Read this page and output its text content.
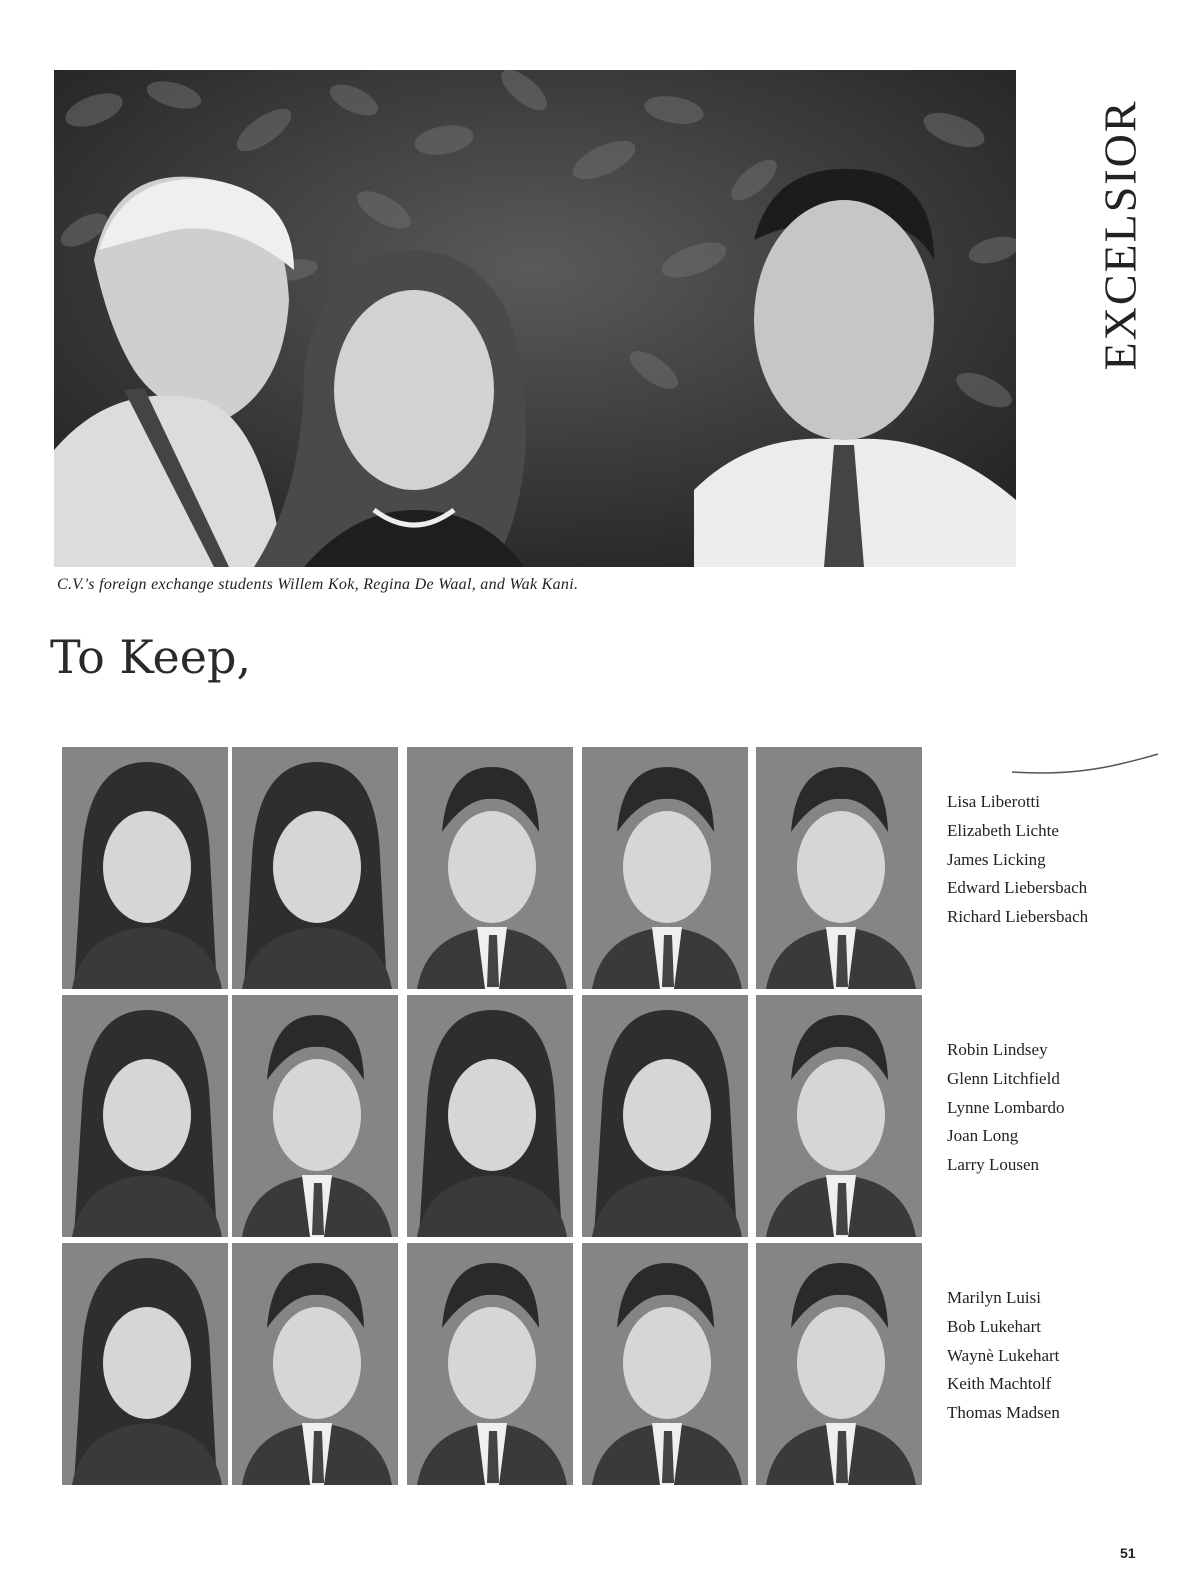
EXCELSIOR
C.V.'s foreign exchange students Willem Kok, Regina De Waal, and Wak Kani.
To Keep,
Lisa Liberotti
Elizabeth Lichte
James Licking
Edward Liebersbach
Richard Liebersbach
Robin Lindsey
Glenn Litchfield
Lynne Lombardo
Joan Long
Larry Lousen
Marilyn Luisi
Bob Lukehart
Waynè Lukehart
Keith Machtolf
Thomas Madsen
51
